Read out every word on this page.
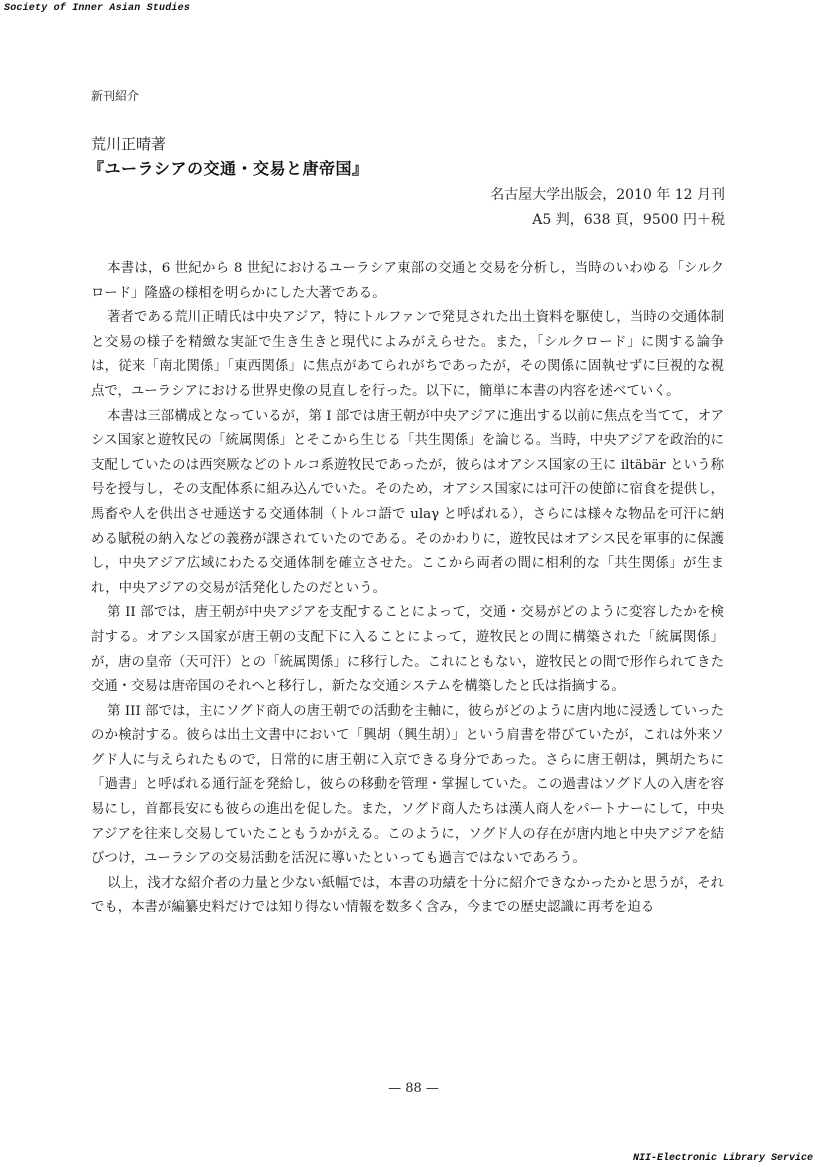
Society of Inner Asian Studies
新刊紹介
荒川正晴著
『ユーラシアの交通・交易と唐帝国』
名古屋大学出版会，2010 年 12 月刊
A5 判，638 頁，9500 円＋税

本書は，6 世紀から 8 世紀におけるユーラシア東部の交通と交易を分析し，当時のいわゆる「シルクロード」隆盛の様相を明らかにした大著である。

著者である荒川正晴氏は中央アジア，特にトルファンで発見された出土資料を駆使し，当時の交通体制と交易の様子を精緻な実証で生き生きと現代によみがえらせた。また，「シルクロード」に関する論争は，従来「南北関係」「東西関係」に焦点があてられがちであったが，その関係に固執せずに巨視的な視点で，ユーラシアにおける世界史像の見直しを行った。以下に，簡単に本書の内容を述べていく。

本書は三部構成となっているが，第 I 部では唐王朝が中央アジアに進出する以前に焦点を当てて，オアシス国家と遊牧民の「統属関係」とそこから生じる「共生関係」を論じる。当時，中央アジアを政治的に支配していたのは西突厥などのトルコ系遊牧民であったが，彼らはオアシス国家の王に iltäbär という称号を授与し，その支配体系に組み込んでいた。そのため，オアシス国家には可汗の使節に宿食を提供し，馬畜や人を供出させ逓送する交通体制（トルコ語で ulaγ と呼ばれる），さらには様々な物品を可汗に納める賦税の納入などの義務が課されていたのである。そのかわりに，遊牧民はオアシス民を軍事的に保護し，中央アジア広域にわたる交通体制を確立させた。ここから両者の間に相利的な「共生関係」が生まれ，中央アジアの交易が活発化したのだという。

第 II 部では，唐王朝が中央アジアを支配することによって，交通・交易がどのように変容したかを検討する。オアシス国家が唐王朝の支配下に入ることによって，遊牧民との間に構築された「統属関係」が，唐の皇帝（天可汗）との「統属関係」に移行した。これにともない，遊牧民との間で形作られてきた交通・交易は唐帝国のそれへと移行し，新たな交通システムを構築したと氏は指摘する。

第 III 部では，主にソグド商人の唐王朝での活動を主軸に，彼らがどのように唐内地に浸透していったのか検討する。彼らは出土文書中において「興胡（興生胡）」という肩書を帯びていたが，これは外来ソグド人に与えられたもので，日常的に唐王朝に入京できる身分であった。さらに唐王朝は，興胡たちに「過書」と呼ばれる通行証を発給し，彼らの移動を管理・掌握していた。この過書はソグド人の入唐を容易にし，首都長安にも彼らの進出を促した。また，ソグド商人たちは漢人商人をパートナーにして，中央アジアを往来し交易していたこともうかがえる。このように，ソグド人の存在が唐内地と中央アジアを結びつけ，ユーラシアの交易活動を活況に導いたといっても過言ではないであろう。

以上，浅才な紹介者の力量と少ない紙幅では，本書の功績を十分に紹介できなかったかと思うが，それでも，本書が編纂史料だけでは知り得ない情報を数多く含み，今までの歴史認識に再考を迫る

— 88 —
NII-Electronic Library Service
